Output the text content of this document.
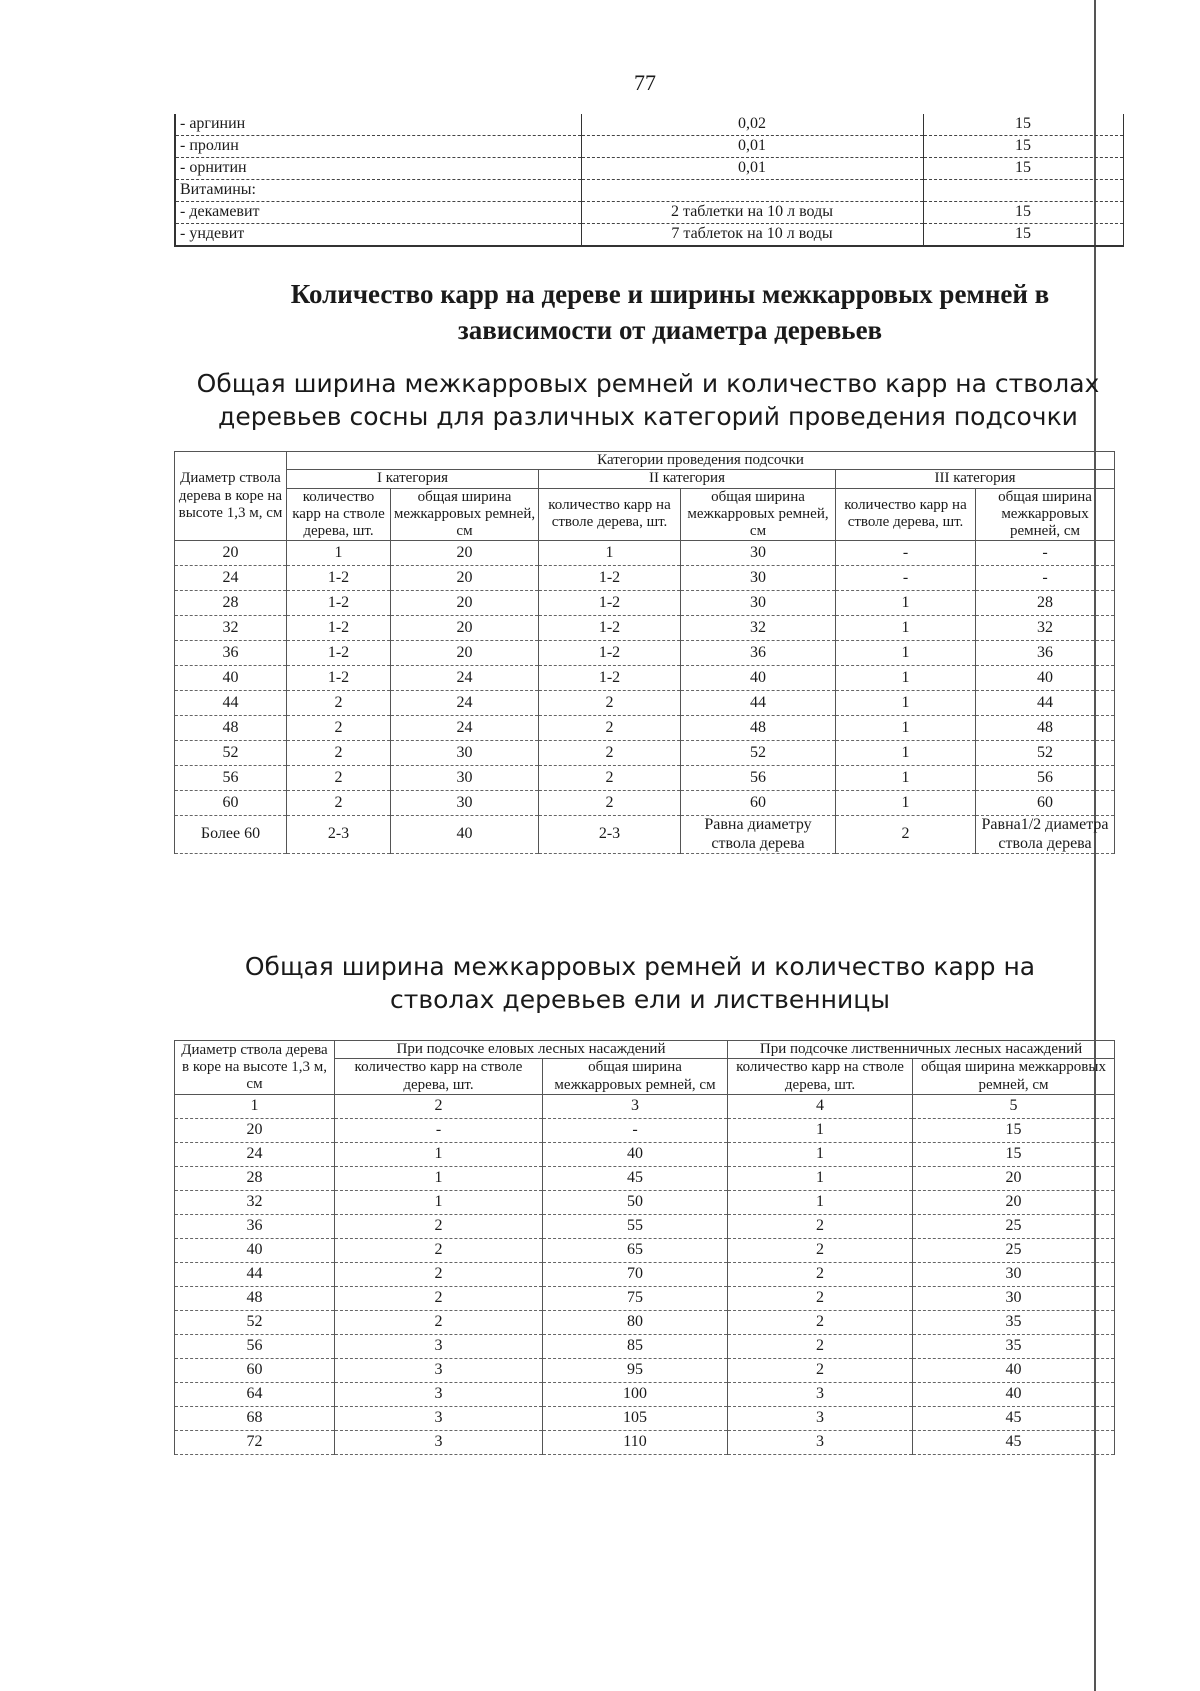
77
- аргинин	0,02	15
- пролин	0,01	15
- орнитин	0,01	15
Витамины:		
- декамевит	2 таблетки на 10 л воды	15
- ундевит	7 таблеток на 10 л воды	15
Количество карр на дереве и ширины межкарровых ремней в зависимости от диаметра деревьев
Общая ширина межкарровых ремней и количество карр на стволах деревьев сосны для различных категорий проведения подсочки
Диаметр ствола дерева в коре на высоте 1,3 м, см	Категории проведения подсочки					
	I категория		II категория		III категория	
	количество карр на стволе дерева, шт.	общая ширина межкарровых ремней, см	количество карр на стволе дерева, шт.	общая ширина межкарровых ремней, см	количество карр на стволе дерева, шт.	общая ширина межкарровых ремней, см
20	1	20	1	30	-	-
24	1-2	20	1-2	30	-	-
28	1-2	20	1-2	30	1	28
32	1-2	20	1-2	32	1	32
36	1-2	20	1-2	36	1	36
40	1-2	24	1-2	40	1	40
44	2	24	2	44	1	44
48	2	24	2	48	1	48
52	2	30	2	52	1	52
56	2	30	2	56	1	56
60	2	30	2	60	1	60
Более 60	2-3	40	2-3	Равна диаметру ствола дерева	2	Равна1/2 диаметра ствола дерева
Общая ширина межкарровых ремней и количество карр на стволах деревьев ели и лиственницы
Диаметр ствола дерева в коре на высоте 1,3 м, см	При подсочке еловых лесных насаждений		При подсочке лиственничных лесных насаждений	
	количество карр на стволе дерева, шт.	общая ширина межкарровых ремней, см	количество карр на стволе дерева, шт.	общая ширина межкарровых ремней, см
1	2	3	4	5
20	-	-	1	15
24	1	40	1	15
28	1	45	1	20
32	1	50	1	20
36	2	55	2	25
40	2	65	2	25
44	2	70	2	30
48	2	75	2	30
52	2	80	2	35
56	3	85	2	35
60	3	95	2	40
64	3	100	3	40
68	3	105	3	45
72	3	110	3	45
